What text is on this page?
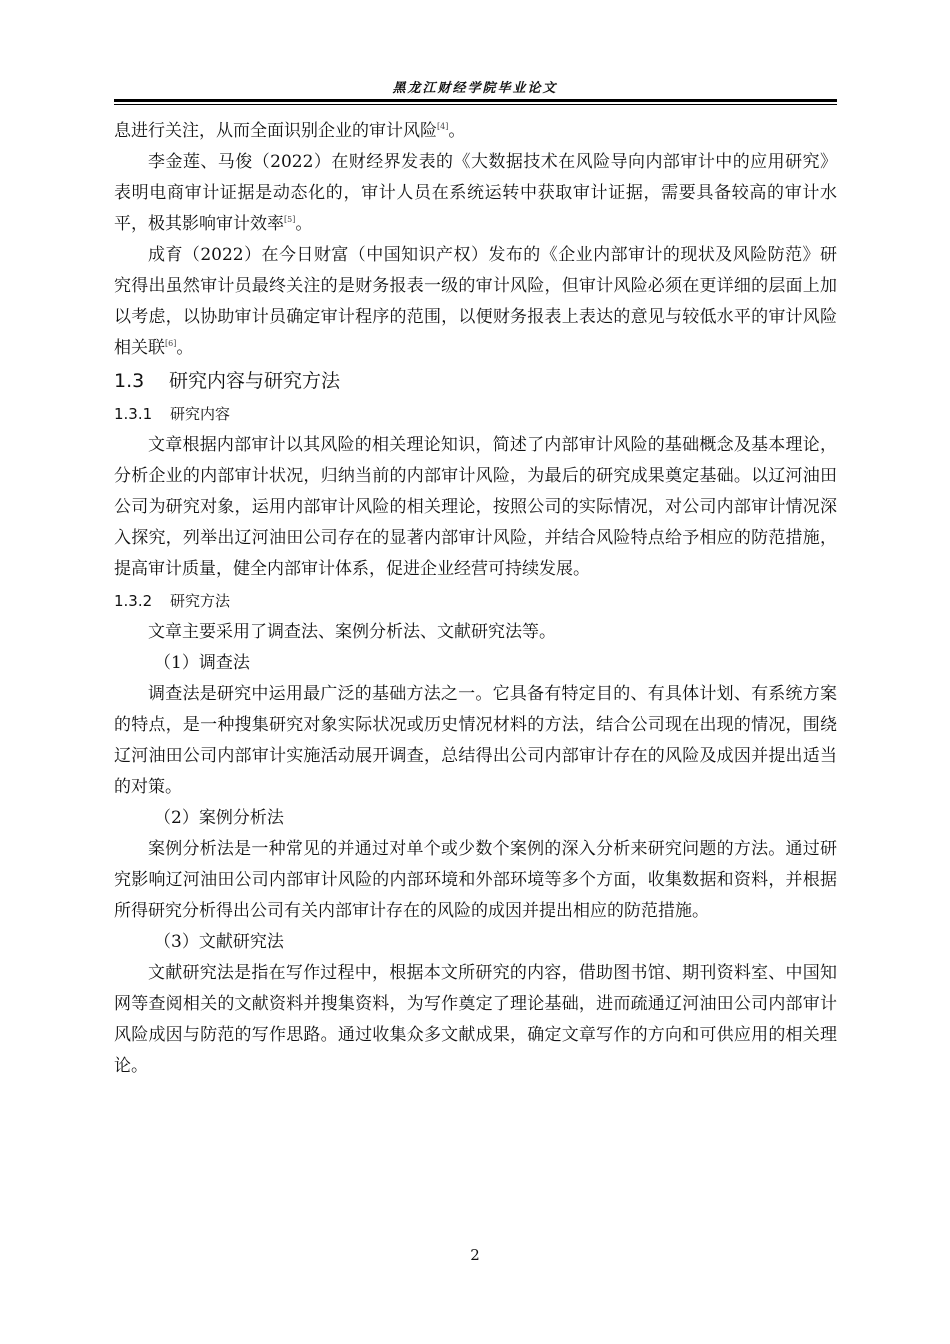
黑龙江财经学院毕业论文

息进行关注，从而全面识别企业的审计风险[4]。

李金莲、马俊（2022）在财经界发表的《大数据技术在风险导向内部审计中的应用研究》表明电商审计证据是动态化的，审计人员在系统运转中获取审计证据，需要具备较高的审计水平，极其影响审计效率[5]。

成育（2022）在今日财富（中国知识产权）发布的《企业内部审计的现状及风险防范》研究得出虽然审计员最终关注的是财务报表一级的审计风险，但审计风险必须在更详细的层面上加以考虑，以协助审计员确定审计程序的范围，以便财务报表上表达的意见与较低水平的审计风险相关联[6]。

1.3 研究内容与研究方法
1.3.1 研究内容

文章根据内部审计以其风险的相关理论知识，简述了内部审计风险的基础概念及基本理论，分析企业的内部审计状况，归纳当前的内部审计风险，为最后的研究成果奠定基础。以辽河油田公司为研究对象，运用内部审计风险的相关理论，按照公司的实际情况，对公司内部审计情况深入探究，列举出辽河油田公司存在的显著内部审计风险，并结合风险特点给予相应的防范措施，提高审计质量，健全内部审计体系，促进企业经营可持续发展。

1.3.2 研究方法

文章主要采用了调查法、案例分析法、文献研究法等。

（1）调查法

调查法是研究中运用最广泛的基础方法之一。它具备有特定目的、有具体计划、有系统方案的特点，是一种搜集研究对象实际状况或历史情况材料的方法，结合公司现在出现的情况，围绕辽河油田公司内部审计实施活动展开调查，总结得出公司内部审计存在的风险及成因并提出适当的对策。

（2）案例分析法

案例分析法是一种常见的并通过对单个或少数个案例的深入分析来研究问题的方法。通过研究影响辽河油田公司内部审计风险的内部环境和外部环境等多个方面，收集数据和资料，并根据所得研究分析得出公司有关内部审计存在的风险的成因并提出相应的防范措施。

（3）文献研究法

文献研究法是指在写作过程中，根据本文所研究的内容，借助图书馆、期刊资料室、中国知网等查阅相关的文献资料并搜集资料，为写作奠定了理论基础，进而疏通辽河油田公司内部审计风险成因与防范的写作思路。通过收集众多文献成果，确定文章写作的方向和可供应用的相关理论。

2
